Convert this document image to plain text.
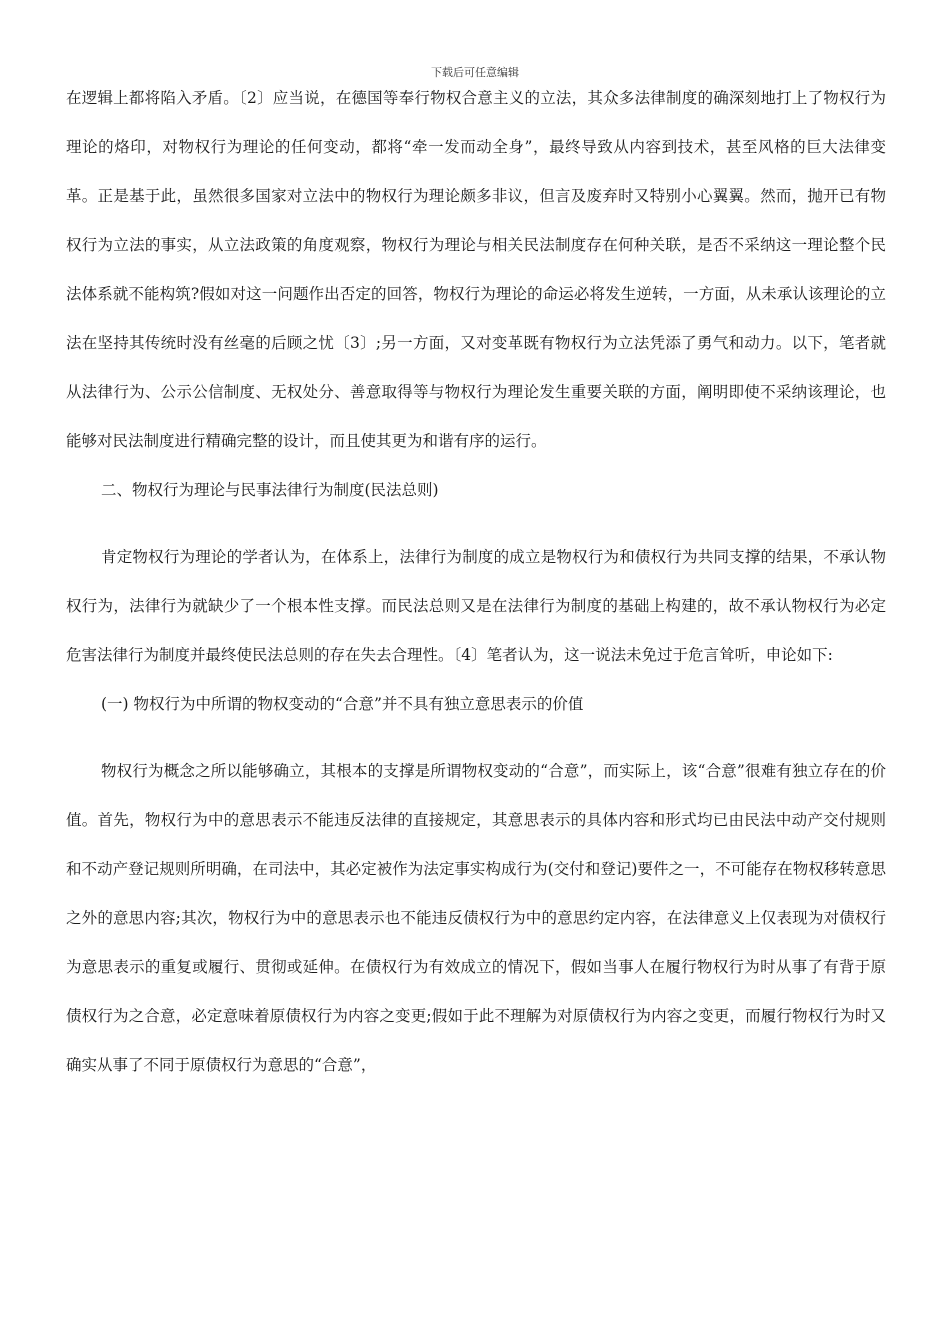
下载后可任意编辑

在逻辑上都将陷入矛盾。〔2〕应当说，在德国等奉行物权合意主义的立法，其众多法律制度的确深刻地打上了物权行为理论的烙印，对物权行为理论的任何变动，都将“牵一发而动全身”，最终导致从内容到技术，甚至风格的巨大法律变革。正是基于此，虽然很多国家对立法中的物权行为理论颇多非议，但言及废弃时又特别小心翼翼。然而，抛开已有物权行为立法的事实，从立法政策的角度观察，物权行为理论与相关民法制度存在何种关联，是否不采纳这一理论整个民法体系就不能构筑?假如对这一问题作出否定的回答，物权行为理论的命运必将发生逆转，一方面，从未承认该理论的立法在坚持其传统时没有丝毫的后顾之忧〔3〕;另一方面，又对变革既有物权行为立法凭添了勇气和动力。以下，笔者就从法律行为、公示公信制度、无权处分、善意取得等与物权行为理论发生重要关联的方面，阐明即使不采纳该理论，也能够对民法制度进行精确完整的设计，而且使其更为和谐有序的运行。

二、物权行为理论与民事法律行为制度(民法总则)

肯定物权行为理论的学者认为，在体系上，法律行为制度的成立是物权行为和债权行为共同支撑的结果，不承认物权行为，法律行为就缺少了一个根本性支撑。而民法总则又是在法律行为制度的基础上构建的，故不承认物权行为必定危害法律行为制度并最终使民法总则的存在失去合理性。〔4〕笔者认为，这一说法未免过于危言耸听，申论如下:

(一) 物权行为中所谓的物权变动的“合意”并不具有独立意思表示的价值

物权行为概念之所以能够确立，其根本的支撑是所谓物权变动的“合意”，而实际上，该“合意”很难有独立存在的价值。首先，物权行为中的意思表示不能违反法律的直接规定，其意思表示的具体内容和形式均已由民法中动产交付规则和不动产登记规则所明确，在司法中，其必定被作为法定事实构成行为(交付和登记)要件之一，不可能存在物权移转意思之外的意思内容;其次，物权行为中的意思表示也不能违反债权行为中的意思约定内容，在法律意义上仅表现为对债权行为意思表示的重复或履行、贯彻或延伸。在债权行为有效成立的情况下，假如当事人在履行物权行为时从事了有背于原债权行为之合意，必定意味着原债权行为内容之变更;假如于此不理解为对原债权行为内容之变更，而履行物权行为时又确实从事了不同于原债权行为意思的“合意”，
